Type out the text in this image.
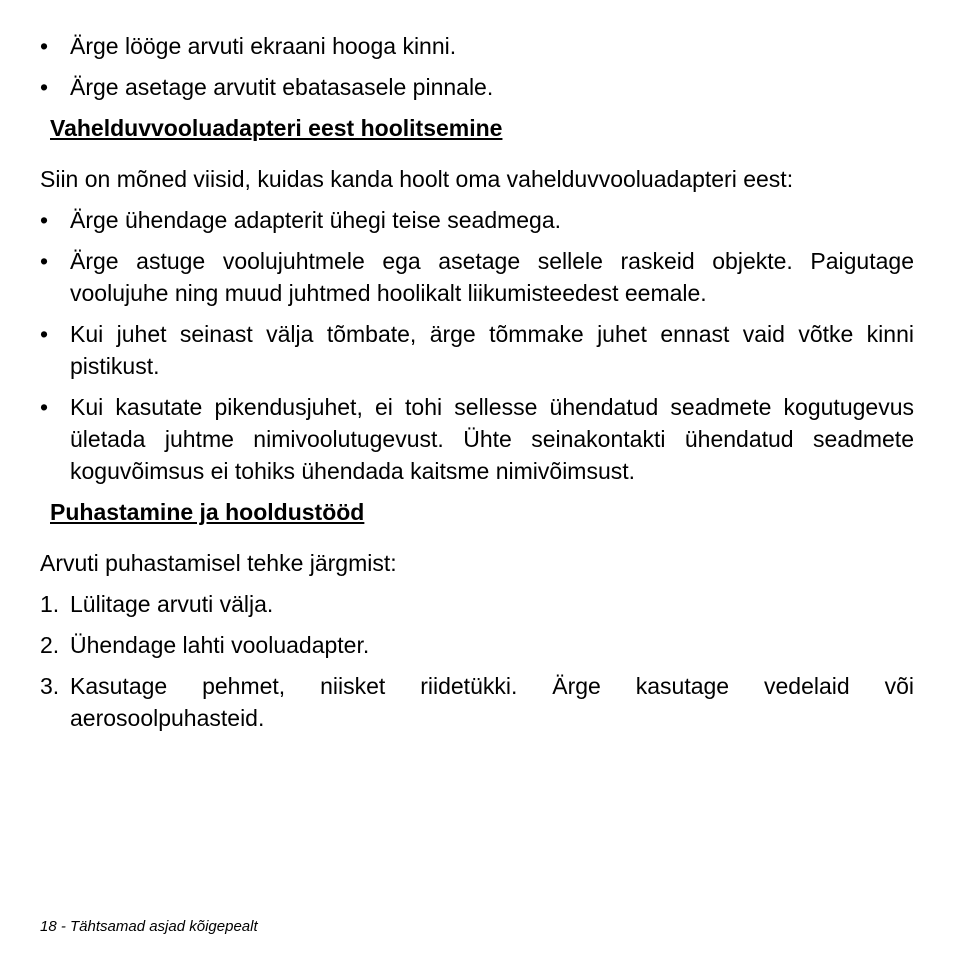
• Ärge lööge arvuti ekraani hooga kinni.
• Ärge asetage arvutit ebatasasele pinnale.
Vahelduvvooluadapteri eest hoolitsemine
Siin on mõned viisid, kuidas kanda hoolt oma vahelduvvooluadapteri eest:
• Ärge ühendage adapterit ühegi teise seadmega.
• Ärge astuge voolujuhtmele ega asetage sellele raskeid objekte. Paigutage voolujuhe ning muud juhtmed hoolikalt liikumisteedest eemale.
• Kui juhet seinast välja tõmbate, ärge tõmmake juhet ennast vaid võtke kinni pistikust.
• Kui kasutate pikendusjuhet, ei tohi sellesse ühendatud seadmete kogutugevus ületada juhtme nimivoolutugevust. Ühte seinakontakti ühendatud seadmete koguvõimsus ei tohiks ühendada kaitsme nimivõimsust.
Puhastamine ja hooldustööd
Arvuti puhastamisel tehke järgmist:
1. Lülitage arvuti välja.
2. Ühendage lahti vooluadapter.
3. Kasutage pehmet, niisket riidetükki. Ärge kasutage vedelaid või aerosoolpuhasteid.
18 - Tähtsamad asjad kõigepealt
